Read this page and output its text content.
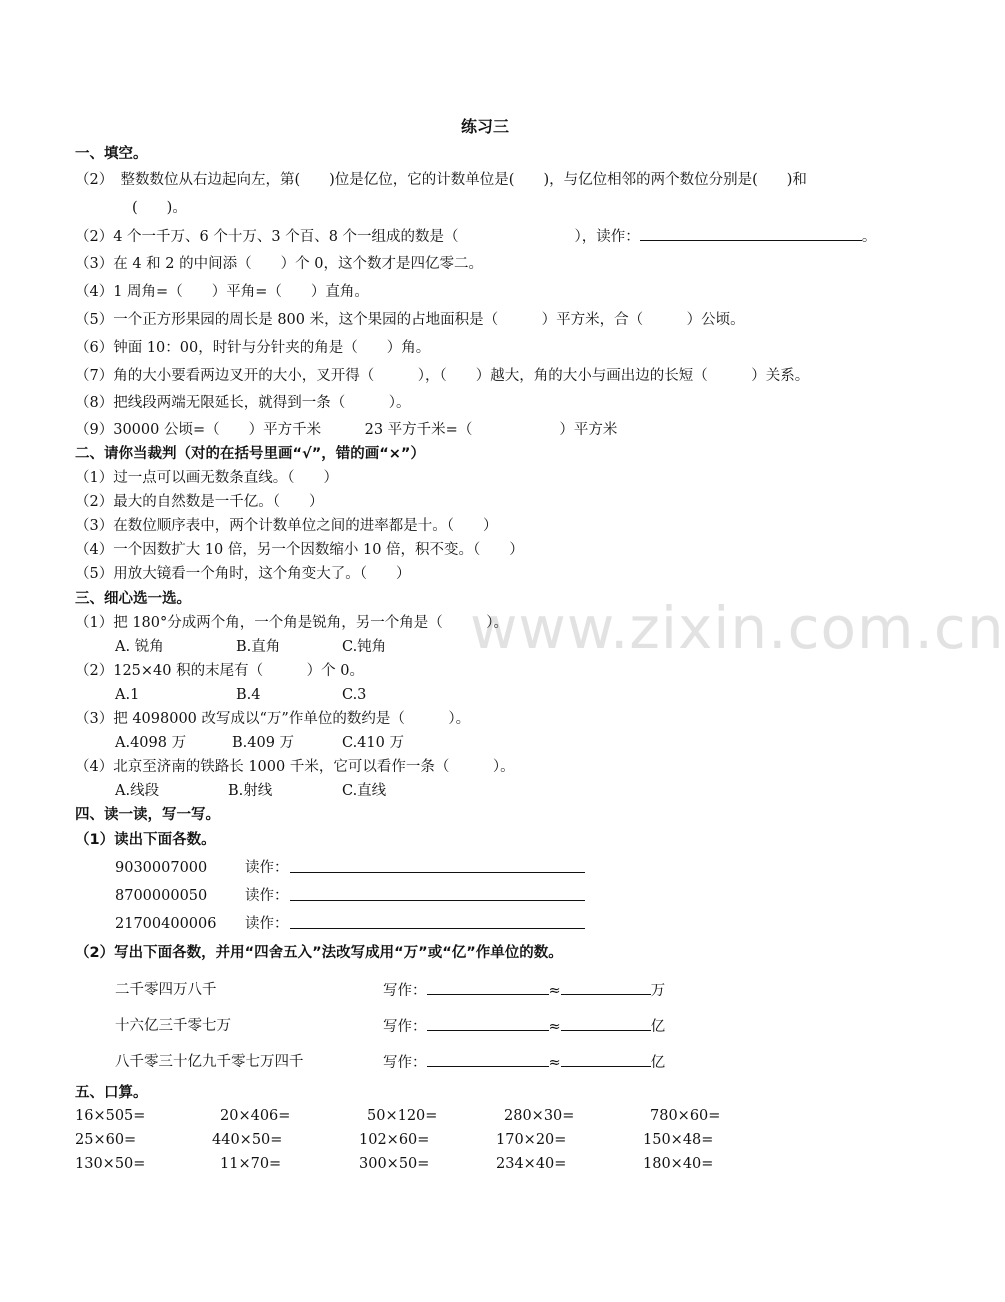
www.zixin.com.cn
练习三
一、填空。
（2）　整数数位从右边起向左，第(　　)位是亿位，它的计数单位是(　　)，与亿位相邻的两个数位分别是(　　)和
(　　)。
（2）4 个一千万、6 个十万、3 个百、8 个一组成的数是（　　　　　　　　），读作：	。
（3）在 4 和 2 的中间添（　　）个 0，这个数才是四亿零二。
（4）1 周角=（　　）平角=（　　）直角。
（5）一个正方形果园的周长是 800 米，这个果园的占地面积是（　　　）平方米，合（　　　）公顷。
（6）钟面 10：00，时针与分针夹的角是（　　）角。
（7）角的大小要看两边叉开的大小，叉开得（　　　），（　　）越大，角的大小与画出边的长短（　　　）关系。
（8）把线段两端无限延长，就得到一条（　　　）。
（9）30000 公顷=（　　）平方千米　　　23 平方千米=（　　　　　　）平方米
二、请你当裁判（对的在括号里画“√”，错的画“×”）
（1）过一点可以画无数条直线。（　　）
（2）最大的自然数是一千亿。（　　）
（3）在数位顺序表中，两个计数单位之间的进率都是十。（　　）
（4）一个因数扩大 10 倍，另一个因数缩小 10 倍，积不变。（　　）
（5）用放大镜看一个角时，这个角变大了。（　　）
三、细心选一选。
（1）把 180°分成两个角，一个角是锐角，另一个角是（　　　）。
A. 锐角	B.直角	C.钝角
（2）125×40 积的末尾有（　　　）个 0。
A.1	B.4	C.3
（3）把 4098000 改写成以“万”作单位的数约是（　　　）。
A.4098 万	B.409 万	C.410 万
（4）北京至济南的铁路长 1000 千米，它可以看作一条（　　　）。
A.线段	B.射线	C.直线
四、读一读，写一写。
（1）读出下面各数。
9030007000	读作：
8700000050	读作：
21700400006 读作：
（2）写出下面各数，并用“四舍五入”法改写成用“万”或“亿”作单位的数。
二千零四万八千	写作：	≈	万
十六亿三千零七万	写作：	≈	亿
八千零三十亿九千零七万四千	写作：	≈	亿
五、口算。
16×505=	20×406=	50×120=	280×30=	780×60=
25×60=	440×50=	102×60=	170×20=	150×48=
130×50=	11×70=	300×50=	234×40=	180×40=
